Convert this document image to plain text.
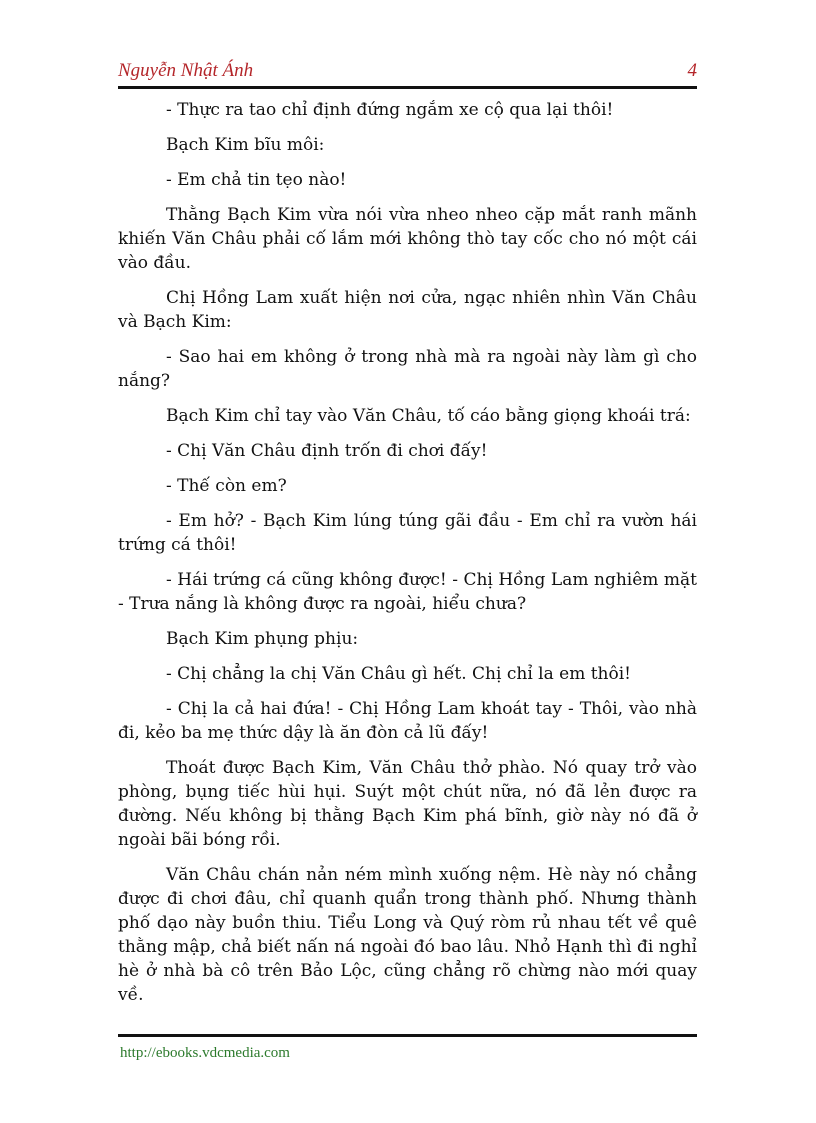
Nguyễn Nhật Ánh	4

- Thực ra tao chỉ định đứng ngắm xe cộ qua lại thôi!

Bạch Kim bĩu môi:

- Em chả tin tẹo nào!

Thằng Bạch Kim vừa nói vừa nheo nheo cặp mắt ranh mãnh khiến Văn Châu phải cố lắm mới không thò tay cốc cho nó một cái vào đầu.

Chị Hồng Lam xuất hiện nơi cửa, ngạc nhiên nhìn Văn Châu và Bạch Kim:

- Sao hai em không ở trong nhà mà ra ngoài này làm gì cho nắng?

Bạch Kim chỉ tay vào Văn Châu, tố cáo bằng giọng khoái trá:

- Chị Văn Châu định trốn đi chơi đấy!

- Thế còn em?

- Em hở? - Bạch Kim lúng túng gãi đầu - Em chỉ ra vườn hái trứng cá thôi!

- Hái trứng cá cũng không được! - Chị Hồng Lam nghiêm mặt - Trưa nắng là không được ra ngoài, hiểu chưa?

Bạch Kim phụng phịu:

- Chị chẳng la chị Văn Châu gì hết. Chị chỉ la em thôi!

- Chị la cả hai đứa! - Chị Hồng Lam khoát tay - Thôi, vào nhà đi, kẻo ba mẹ thức dậy là ăn đòn cả lũ đấy!

Thoát được Bạch Kim, Văn Châu thở phào. Nó quay trở vào phòng, bụng tiếc hùi hụi. Suýt một chút nữa, nó đã lẻn được ra đường. Nếu không bị thằng Bạch Kim phá bĩnh, giờ này nó đã ở ngoài bãi bóng rồi.

Văn Châu chán nản ném mình xuống nệm. Hè này nó chẳng được đi chơi đâu, chỉ quanh quẩn trong thành phố. Nhưng thành phố dạo này buồn thiu. Tiểu Long và Quý ròm rủ nhau tết về quê thằng mập, chả biết nấn ná ngoài đó bao lâu. Nhỏ Hạnh thì đi nghỉ hè ở nhà bà cô trên Bảo Lộc, cũng chẳng rõ chừng nào mới quay về.

http://ebooks.vdcmedia.com
